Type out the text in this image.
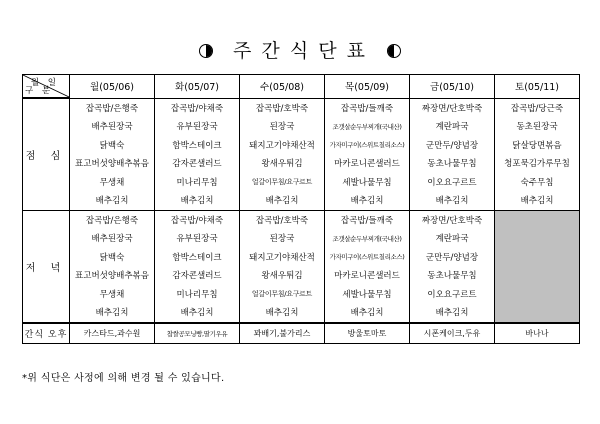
주 간 식 단 표
월 일
구 분	월(05/06)	화(05/07)	수(05/08)	목(05/09)	금(05/10)	토(05/11)
점 심	잡곡밥/은행죽	잡곡밥/야채죽	잡곡밥/호박죽	잡곡밥/들깨죽	짜장면/단호박죽	잡곡밥/당근죽
	배추된장국	유부된장국	된장국	조갯살순두부찌개(국내산)	계란파국	동초된장국
	닭백숙	함박스테이크	돼지고기야채산적	가자미구이(스위트칠리소스)	군만두/양념장	닭살당면볶음
	표고버섯양배추볶음	감자콘샐러드	왕새우튀김	마카로니콘샐러드	동초나물무침	청포묵김가루무침
	무생채	미나리무침	얼갈이무침/요구르트	세발나물무침	이오요구르트	숙주무침
	배추김치	배추김치	배추김치	배추김치	배추김치	배추김치
저 녁	잡곡밥/은행죽	잡곡밥/야채죽	잡곡밥/호박죽	잡곡밥/들깨죽	짜장면/단호박죽	
	배추된장국	유부된장국	된장국	조갯살순두부찌개(국내산)	계란파국	
	닭백숙	함박스테이크	돼지고기야채산적	가자미구이(스위트칠리소스)	군만두/양념장	
	표고버섯양배추볶음	감자콘샐러드	왕새우튀김	마카로니콘샐러드	동초나물무침	
	무생채	미나리무침	얼갈이무침/요구르트	세발나물무침	이오요구르트	
	배추김치	배추김치	배추김치	배추김치	배추김치	
간식 오후	카스타드,과수원	찹쌀공모닝빵,딸기우유	꽈배기,불가리스	방울토마토	시폰케이크,두유	바나나
*위 식단은 사정에 의해 변경 될 수 있습니다.
